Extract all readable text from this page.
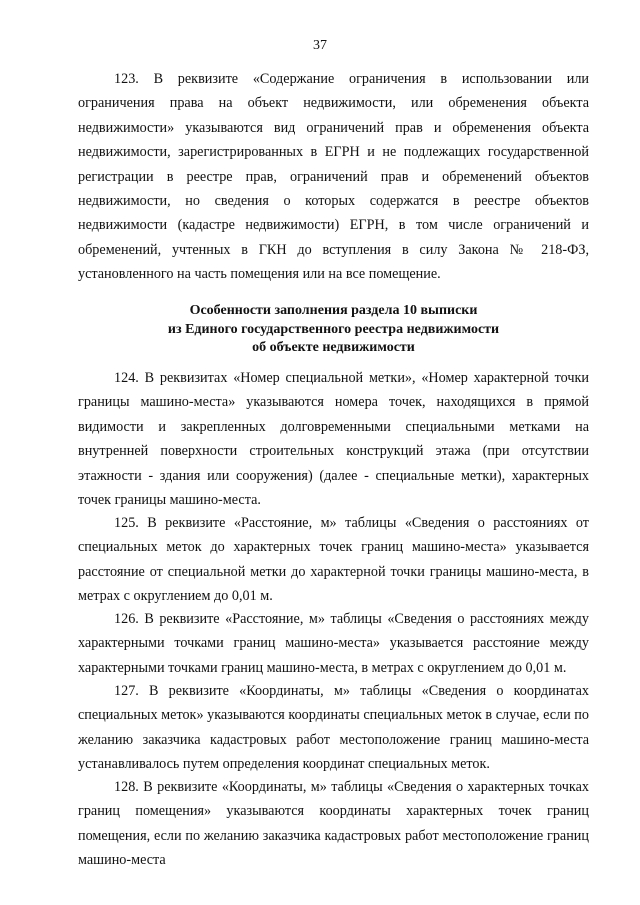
37

123. В реквизите «Содержание ограничения в использовании или ограничения права на объект недвижимости, или обременения объекта недвижимости» указываются вид ограничений прав и обременения объекта недвижимости, зарегистрированных в ЕГРН и не подлежащих государственной регистрации в реестре прав, ограничений прав и обременений объектов недвижимости, но сведения о которых содержатся в реестре объектов недвижимости (кадастре недвижимости) ЕГРН, в том числе ограничений и обременений, учтенных в ГКН до вступления в силу Закона № 218-ФЗ, установленного на часть помещения или на все помещение.

Особенности заполнения раздела 10 выписки
из Единого государственного реестра недвижимости
об объекте недвижимости

124. В реквизитах «Номер специальной метки», «Номер характерной точки границы машино-места» указываются номера точек, находящихся в прямой видимости и закрепленных долговременными специальными метками на внутренней поверхности строительных конструкций этажа (при отсутствии этажности - здания или сооружения) (далее - специальные метки), характерных точек границы машино-места.

125. В реквизите «Расстояние, м» таблицы «Сведения о расстояниях от специальных меток до характерных точек границ машино-места» указывается расстояние от специальной метки до характерной точки границы машино-места, в метрах с округлением до 0,01 м.

126. В реквизите «Расстояние, м» таблицы «Сведения о расстояниях между характерными точками границ машино-места» указывается расстояние между характерными точками границ машино-места, в метрах с округлением до 0,01 м.

127. В реквизите «Координаты, м» таблицы «Сведения о координатах специальных меток» указываются координаты специальных меток в случае, если по желанию заказчика кадастровых работ местоположение границ машино-места устанавливалось путем определения координат специальных меток.

128. В реквизите «Координаты, м» таблицы «Сведения о характерных точках границ помещения» указываются координаты характерных точек границ помещения, если по желанию заказчика кадастровых работ местоположение границ машино-места
